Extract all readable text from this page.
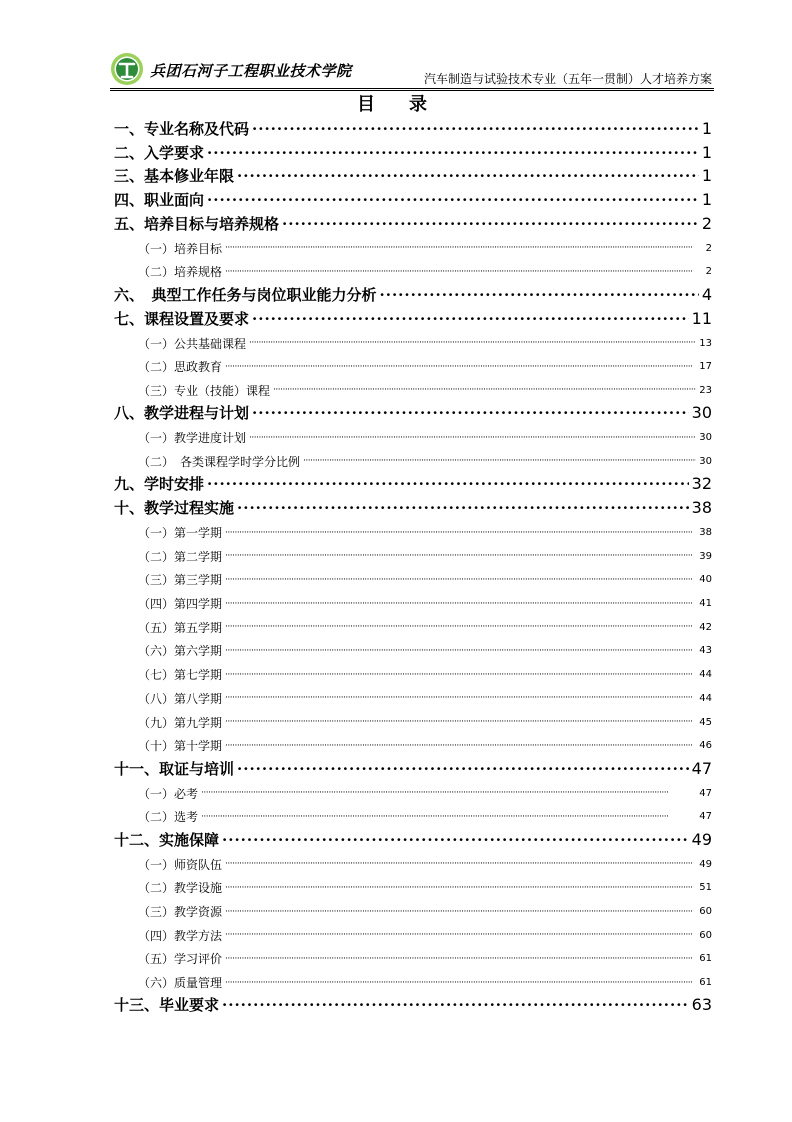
兵团石河子工程职业技术学院	汽车制造与试验技术专业（五年一贯制）人才培养方案
目　录
一、专业名称及代码 ·····	1
二、入学要求 ·····	1
三、基本修业年限 ·····	1
四、职业面向 ·····	1
五、培养目标与培养规格 ·····	2
（一）培养目标 ·····	2
（二）培养规格 ·····	2
六、　典型工作任务与岗位职业能力分析 ·····	4
七、课程设置及要求 ·····	11
（一）公共基础课程 ·····	13
（二）思政教育 ·····	17
（三）专业（技能）课程 ·····	23
八、教学进程与计划 ·····	30
（一）教学进度计划 ·····	30
（二）　各类课程学时学分比例 ·····	30
九、学时安排 ·····	32
十、教学过程实施 ·····	38
（一）第一学期 ·····	38
（二）第二学期 ·····	39
（三）第三学期 ·····	40
（四）第四学期 ·····	41
（五）第五学期 ·····	42
（六）第六学期 ·····	43
（七）第七学期 ·····	44
（八）第八学期 ·····	44
（九）第九学期 ·····	45
（十）第十学期 ·····	46
十一、取证与培训 ·····	47
（一）必考 ·····	47
（二）选考 ·····	47
十二、实施保障 ·····	49
（一）师资队伍 ·····	49
（二）教学设施 ·····	51
（三）教学资源 ·····	60
（四）教学方法 ·····	60
（五）学习评价 ·····	61
（六）质量管理 ·····	61
十三、毕业要求 ·····	63
